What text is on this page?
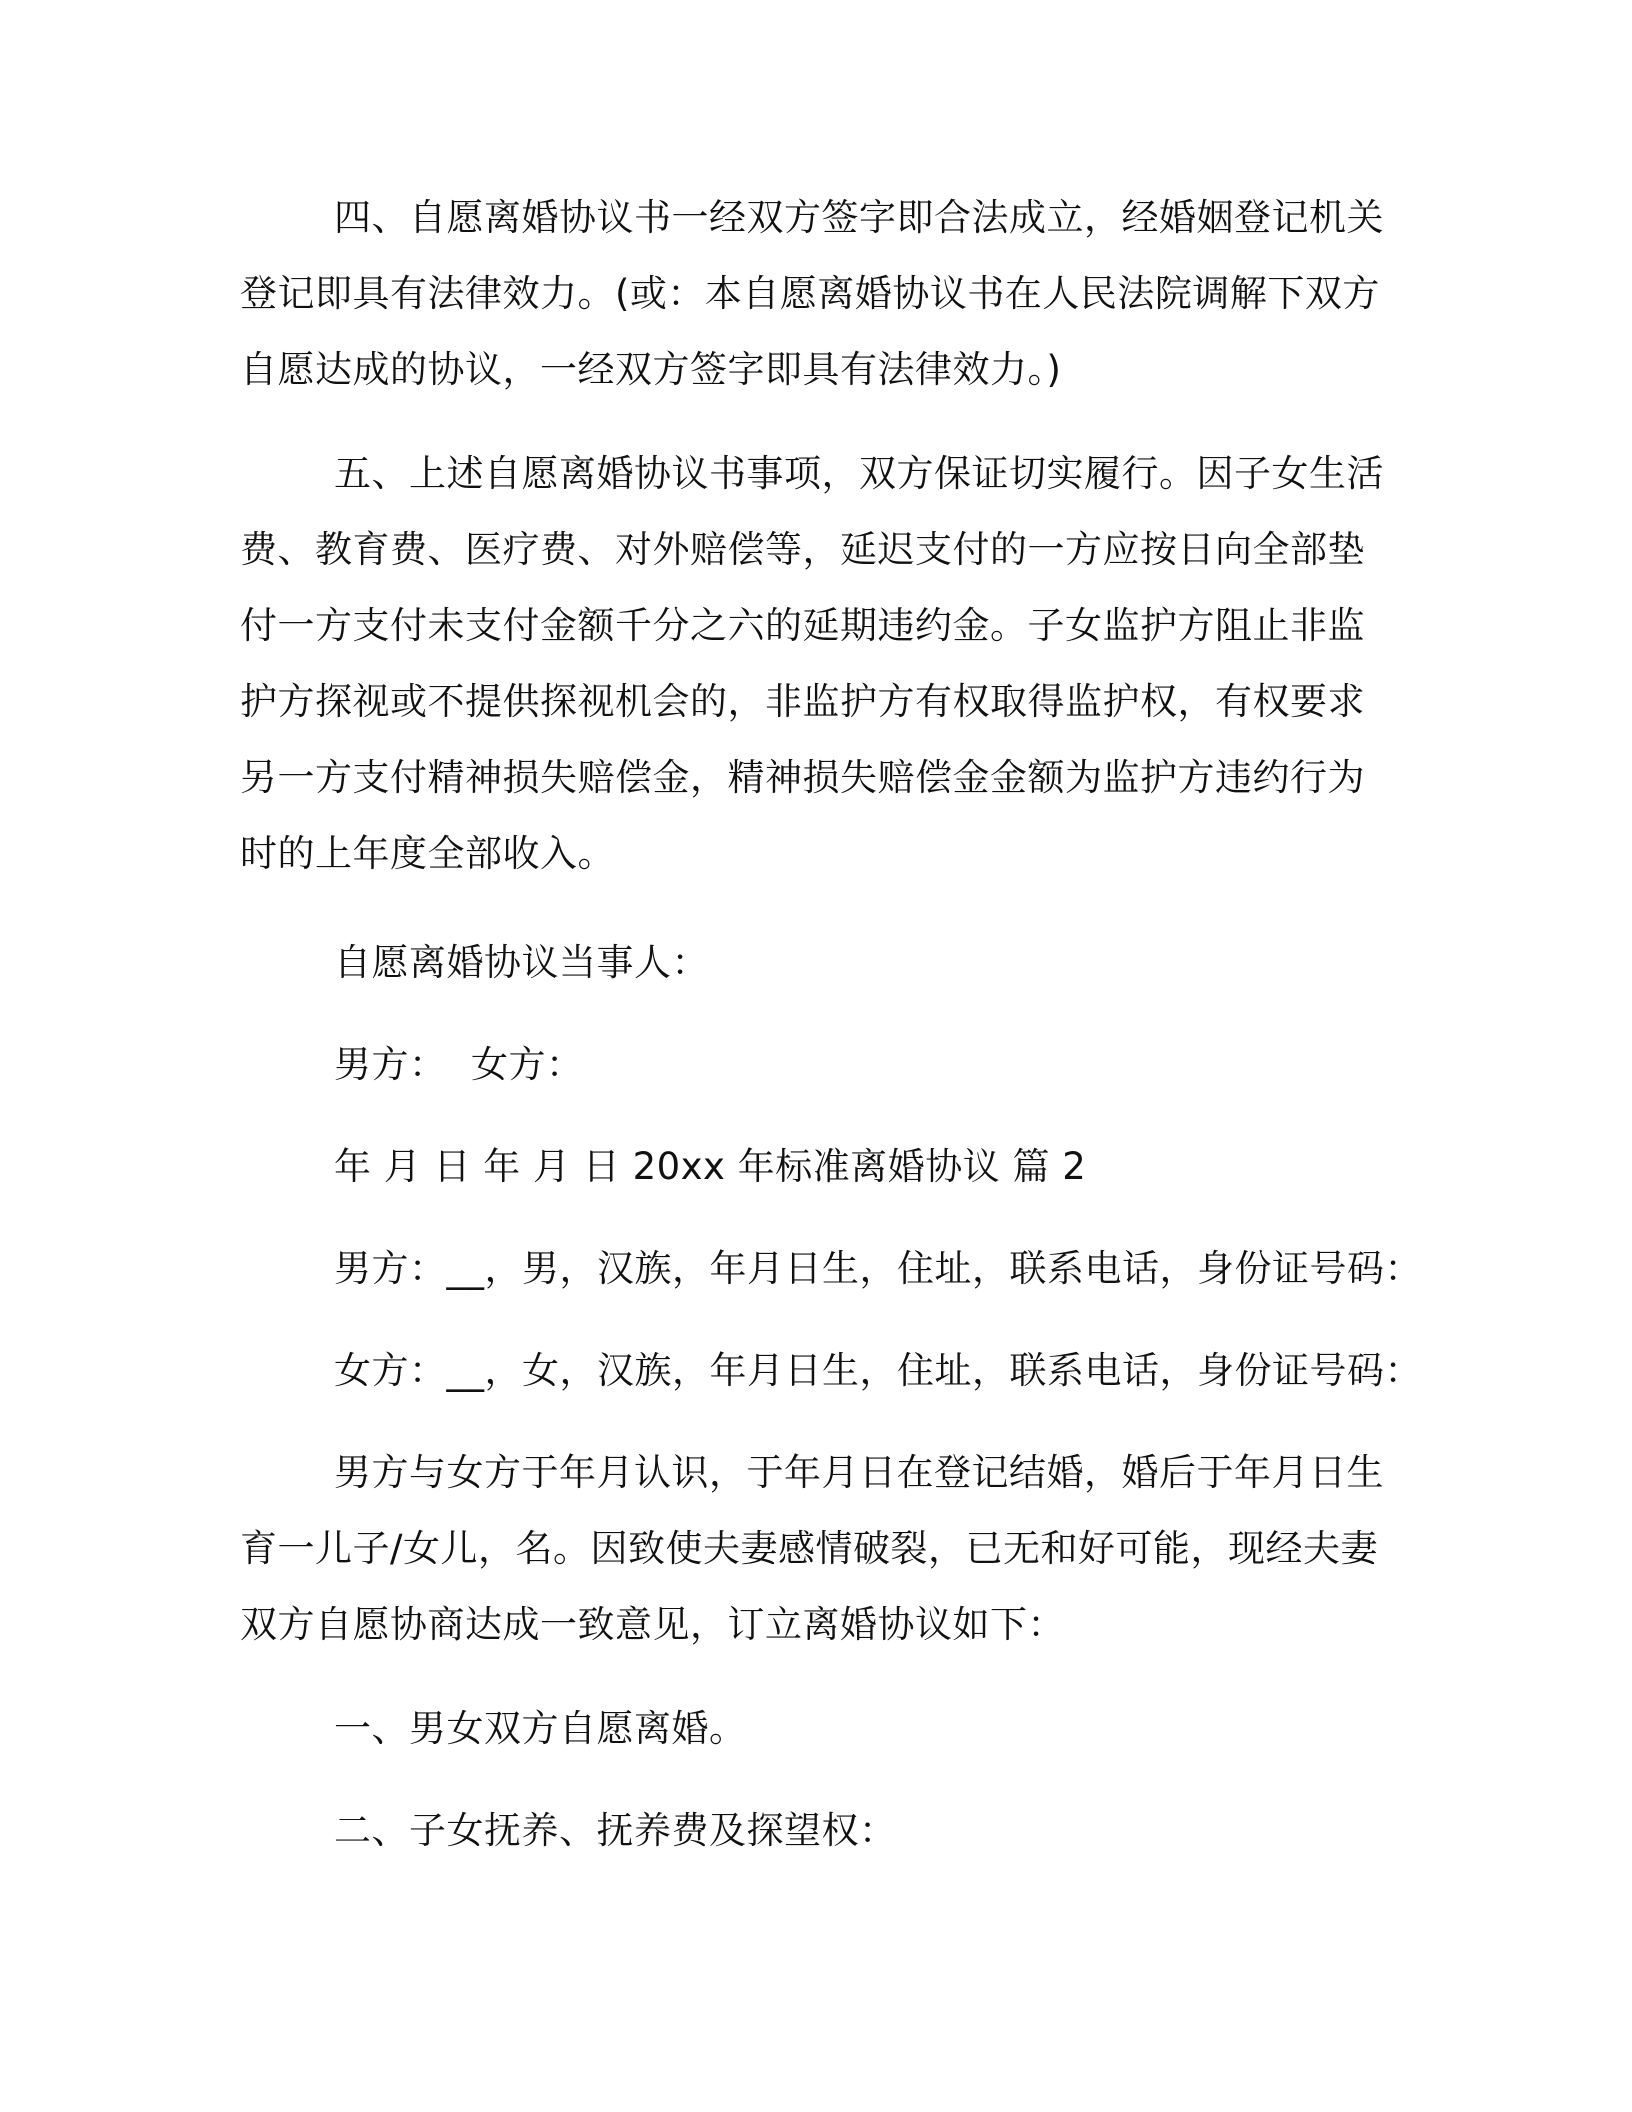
四、自愿离婚协议书一经双方签字即合法成立，经婚姻登记机关

登记即具有法律效力。(或：本自愿离婚协议书在人民法院调解下双方

自愿达成的协议，一经双方签字即具有法律效力。)

五、上述自愿离婚协议书事项，双方保证切实履行。因子女生活

费、教育费、医疗费、对外赔偿等，延迟支付的一方应按日向全部垫

付一方支付未支付金额千分之六的延期违约金。子女监护方阻止非监

护方探视或不提供探视机会的，非监护方有权取得监护权，有权要求

另一方支付精神损失赔偿金，精神损失赔偿金金额为监护方违约行为

时的上年度全部收入。

自愿离婚协议当事人：

男方：  女方：

年 月 日 年 月 日 20xx 年标准离婚协议 篇 2

男方：__，男，汉族，年月日生，住址，联系电话，身份证号码：

女方：__，女，汉族，年月日生，住址，联系电话，身份证号码：

男方与女方于年月认识，于年月日在登记结婚，婚后于年月日生

育一儿子/女儿，名。因致使夫妻感情破裂，已无和好可能，现经夫妻

双方自愿协商达成一致意见，订立离婚协议如下：

一、男女双方自愿离婚。

二、子女抚养、抚养费及探望权：
